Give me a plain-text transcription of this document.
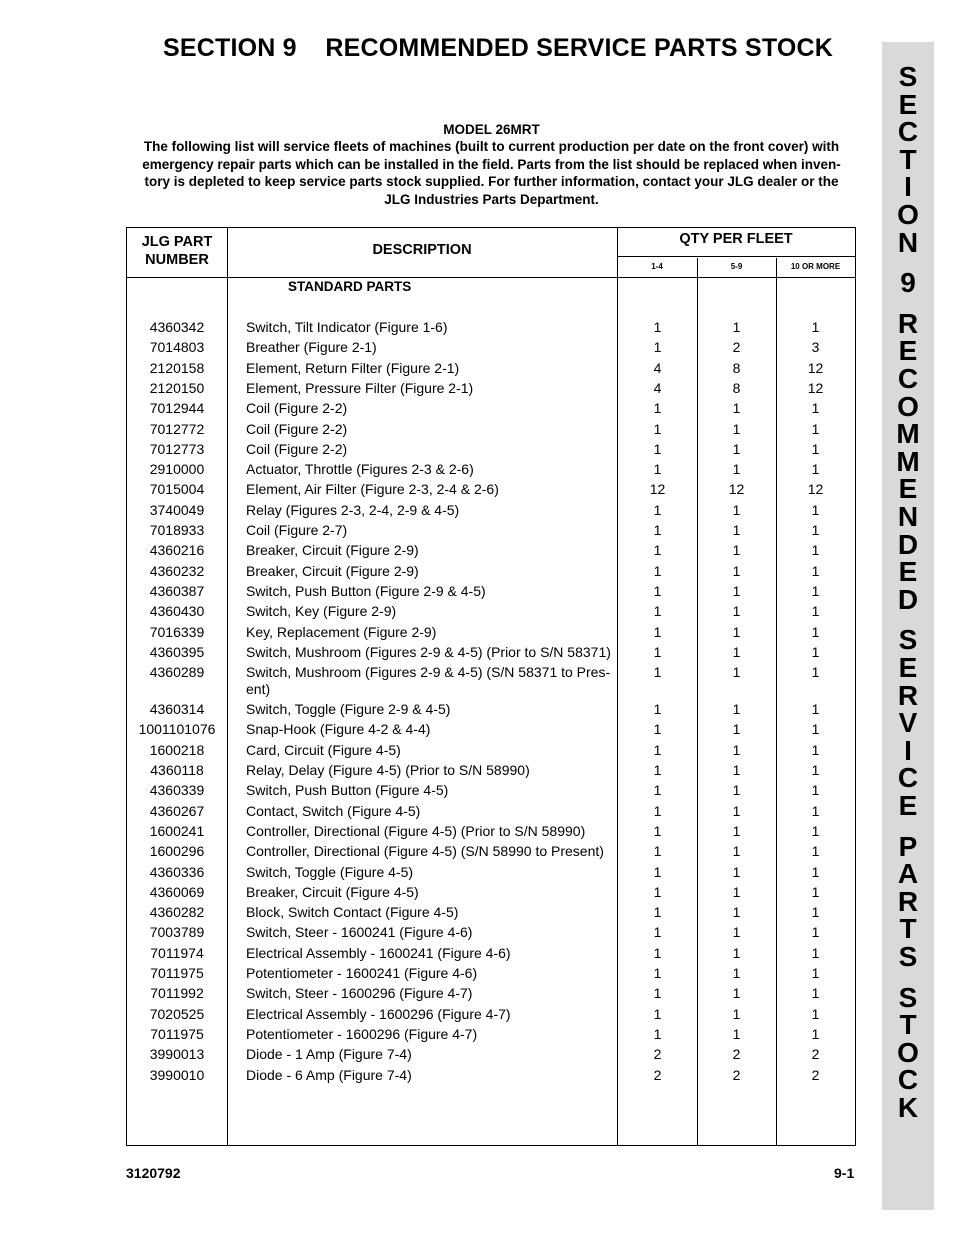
SECTION 9    RECOMMENDED SERVICE PARTS STOCK
S
E
C
T
I
O
N
9
R
E
C
O
M
M
E
N
D
E
D
S
E
R
V
I
C
E
P
A
R
T
S
S
T
O
C
K
MODEL 26MRT
The following list will service fleets of machines (built to current production per date on the front cover) with
emergency repair parts which can be installed in the field. Parts from the list should be replaced when inven-
tory is depleted to keep service parts stock supplied. For further information, contact your JLG dealer or the
JLG Industries Parts Department.
JLG PART NUMBER
DESCRIPTION
QTY PER FLEET
1-4	5-9	10 OR MORE
STANDARD PARTS
4360342	Switch, Tilt Indicator (Figure 1-6)	1	1	1
7014803	Breather (Figure 2-1)	1	2	3
2120158	Element, Return Filter (Figure 2-1)	4	8	12
2120150	Element, Pressure Filter (Figure 2-1)	4	8	12
7012944	Coil (Figure 2-2)	1	1	1
7012772	Coil (Figure 2-2)	1	1	1
7012773	Coil (Figure 2-2)	1	1	1
2910000	Actuator, Throttle (Figures 2-3 & 2-6)	1	1	1
7015004	Element, Air Filter (Figure 2-3, 2-4 & 2-6)	12	12	12
3740049	Relay (Figures 2-3, 2-4, 2-9 & 4-5)	1	1	1
7018933	Coil (Figure 2-7)	1	1	1
4360216	Breaker, Circuit (Figure 2-9)	1	1	1
4360232	Breaker, Circuit (Figure 2-9)	1	1	1
4360387	Switch, Push Button (Figure 2-9 & 4-5)	1	1	1
4360430	Switch, Key (Figure 2-9)	1	1	1
7016339	Key, Replacement (Figure 2-9)	1	1	1
4360395	Switch, Mushroom (Figures 2-9 & 4-5) (Prior to S/N 58371)	1	1	1
4360289	Switch, Mushroom (Figures 2-9 & 4-5) (S/N 58371 to Pres-	1	1	1
ent)
4360314	Switch, Toggle (Figure 2-9 & 4-5)	1	1	1
1001101076	Snap-Hook (Figure 4-2 & 4-4)	1	1	1
1600218	Card, Circuit (Figure 4-5)	1	1	1
4360118	Relay, Delay (Figure 4-5) (Prior to S/N 58990)	1	1	1
4360339	Switch, Push Button (Figure 4-5)	1	1	1
4360267	Contact, Switch (Figure 4-5)	1	1	1
1600241	Controller, Directional (Figure 4-5) (Prior to S/N 58990)	1	1	1
1600296	Controller, Directional (Figure 4-5) (S/N 58990 to Present)	1	1	1
4360336	Switch, Toggle (Figure 4-5)	1	1	1
4360069	Breaker, Circuit (Figure 4-5)	1	1	1
4360282	Block, Switch Contact (Figure 4-5)	1	1	1
7003789	Switch, Steer - 1600241 (Figure 4-6)	1	1	1
7011974	Electrical Assembly - 1600241 (Figure 4-6)	1	1	1
7011975	Potentiometer - 1600241 (Figure 4-6)	1	1	1
7011992	Switch, Steer - 1600296 (Figure 4-7)	1	1	1
7020525	Electrical Assembly - 1600296 (Figure 4-7)	1	1	1
7011975	Potentiometer - 1600296 (Figure 4-7)	1	1	1
3990013	Diode - 1 Amp (Figure 7-4)	2	2	2
3990010	Diode - 6 Amp (Figure 7-4)	2	2	2
3120792	9-1
